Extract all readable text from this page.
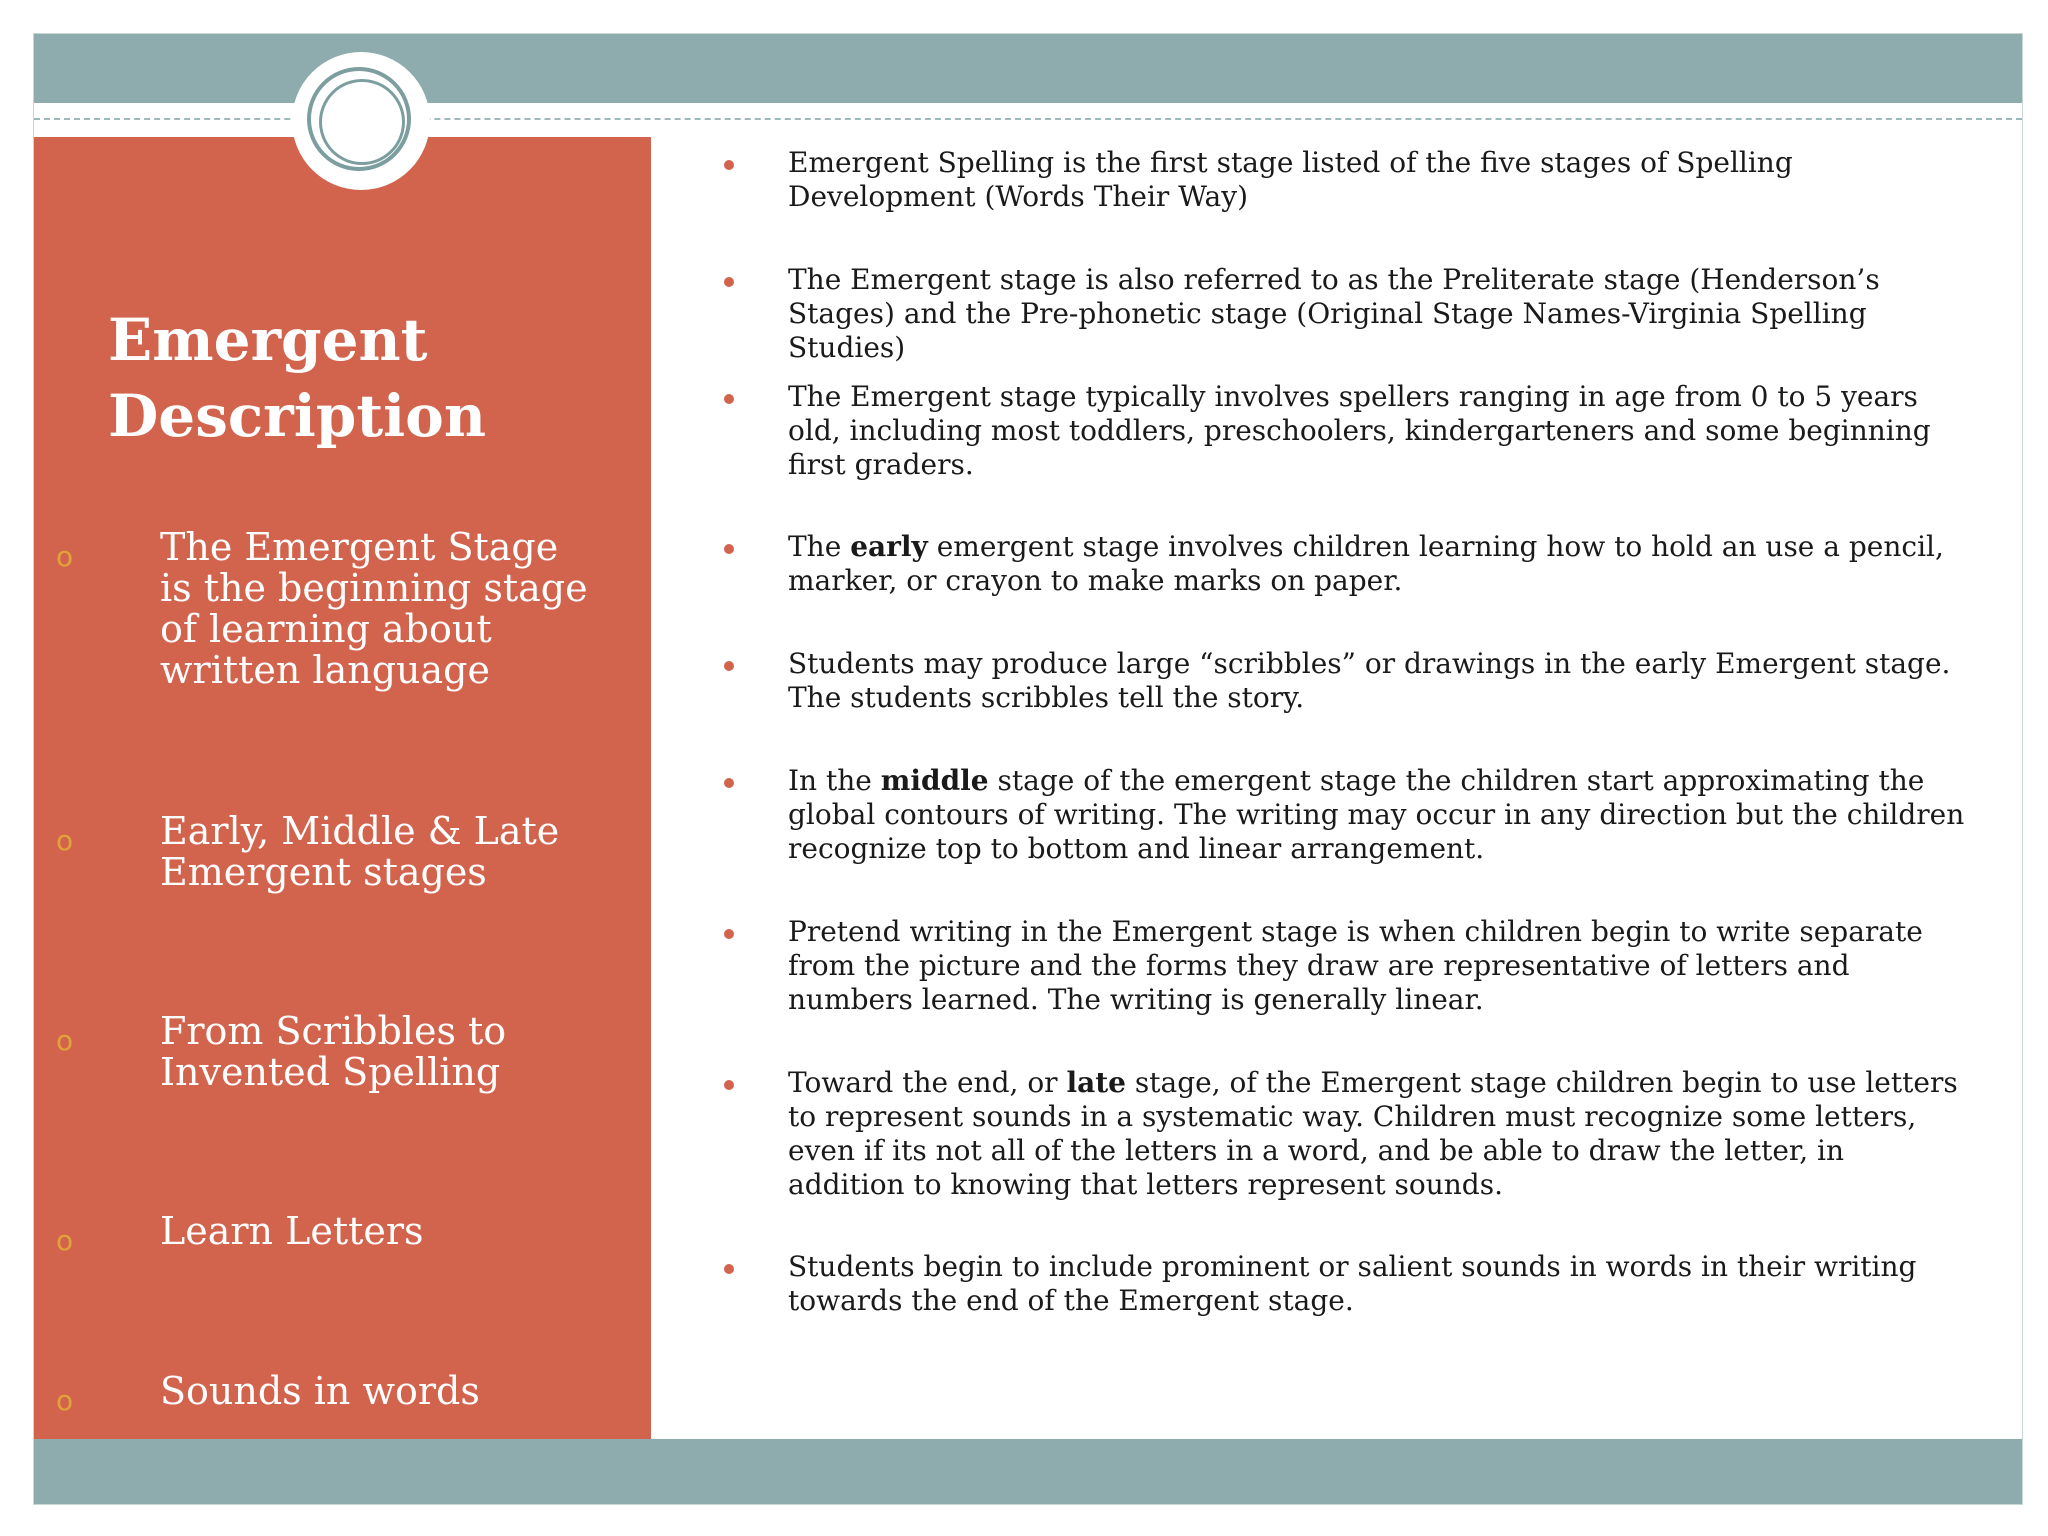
Emergent
Description
o	The Emergent Stage is the beginning stage of learning about written language
o	Early, Middle & Late Emergent stages
o	From Scribbles to Invented Spelling
o	Learn Letters
o	Sounds in words
Emergent Spelling is the first stage listed of the five stages of Spelling Development (Words Their Way)
The Emergent stage is also referred to as the Preliterate stage (Henderson’s Stages) and the Pre-phonetic stage (Original Stage Names-Virginia Spelling Studies)
The Emergent stage typically involves spellers ranging in age from 0 to 5 years old, including most toddlers, preschoolers, kindergarteners and some beginning first graders.
The early emergent stage involves children learning how to hold an use a pencil, marker, or crayon to make marks on paper.
Students may produce large “scribbles” or drawings in the early Emergent stage. The students scribbles tell the story.
In the middle stage of the emergent stage the children start approximating the global contours of writing. The writing may occur in any direction but the children recognize top to bottom and linear arrangement.
Pretend writing in the Emergent stage is when children begin to write separate from the picture and the forms they draw are representative of letters and numbers learned. The writing is generally linear.
Toward the end, or late stage, of the Emergent stage children begin to use letters to represent sounds in a systematic way. Children must recognize some letters, even if its not all of the letters in a word, and be able to draw the letter, in addition to knowing that letters represent sounds.
Students begin to include prominent or salient sounds in words in their writing towards the end of the Emergent stage.
